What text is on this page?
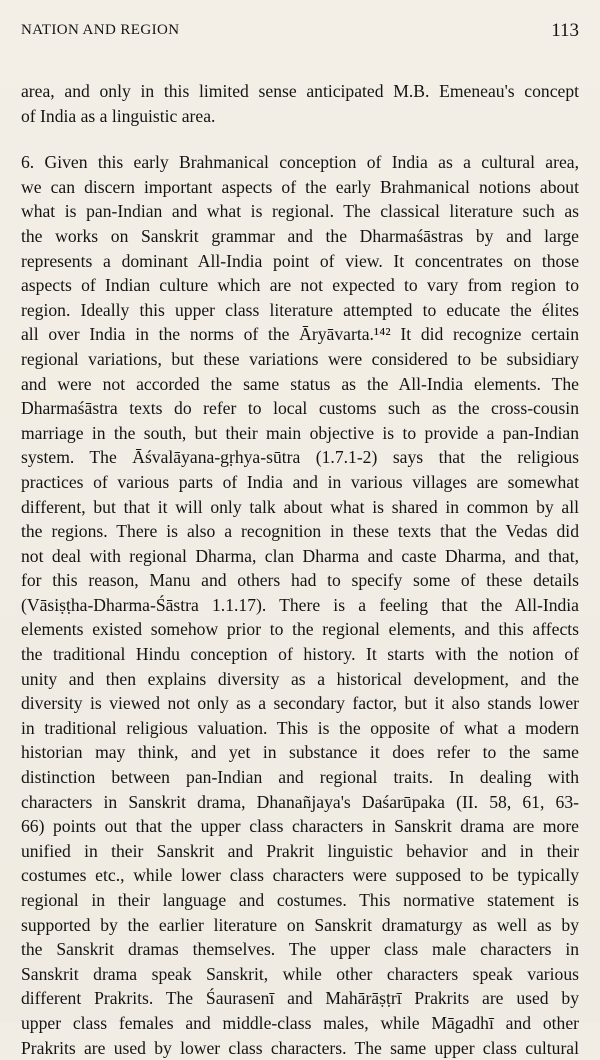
NATION AND REGION	113

area, and only in this limited sense anticipated M.B. Emeneau's concept
of India as a linguistic area.

6. Given this early Brahmanical conception of India as a cultural area,
we can discern important aspects of the early Brahmanical notions about
what is pan-Indian and what is regional. The classical literature such as
the works on Sanskrit grammar and the Dharmaśāstras by and large
represents a dominant All-India point of view. It concentrates on those
aspects of Indian culture which are not expected to vary from region to
region. Ideally this upper class literature attempted to educate the élites
all over India in the norms of the Āryāvarta.¹⁴² It did recognize certain
regional variations, but these variations were considered to be subsidiary
and were not accorded the same status as the All-India elements. The
Dharmaśāstra texts do refer to local customs such as the cross-cousin
marriage in the south, but their main objective is to provide a pan-Indian
system. The Āśvalāyana-gṛhya-sūtra (1.7.1-2) says that the religious
practices of various parts of India and in various villages are somewhat
different, but that it will only talk about what is shared in common by all
the regions. There is also a recognition in these texts that the Vedas did
not deal with regional Dharma, clan Dharma and caste Dharma, and that,
for this reason, Manu and others had to specify some of these details
(Vāsiṣṭha-Dharma-Śāstra 1.1.17). There is a feeling that the All-India
elements existed somehow prior to the regional elements, and this affects
the traditional Hindu conception of history. It starts with the notion of
unity and then explains diversity as a historical development, and the
diversity is viewed not only as a secondary factor, but it also stands lower
in traditional religious valuation. This is the opposite of what a modern
historian may think, and yet in substance it does refer to the same
distinction between pan-Indian and regional traits. In dealing with
characters in Sanskrit drama, Dhanañjaya's Daśarūpaka (II. 58, 61, 63-
66) points out that the upper class characters in Sanskrit drama are more
unified in their Sanskrit and Prakrit linguistic behavior and in their
costumes etc., while lower class characters were supposed to be typically
regional in their language and costumes. This normative statement is
supported by the earlier literature on Sanskrit dramaturgy as well as by
the Sanskrit dramas themselves. The upper class male characters in
Sanskrit drama speak Sanskrit, while other characters speak various
different Prakrits. The Śaurasenī and Mahārāṣṭrī Prakrits are used by
upper class females and middle-class males, while Māgadhī and other
Prakrits are used by lower class characters. The same upper class cultural
